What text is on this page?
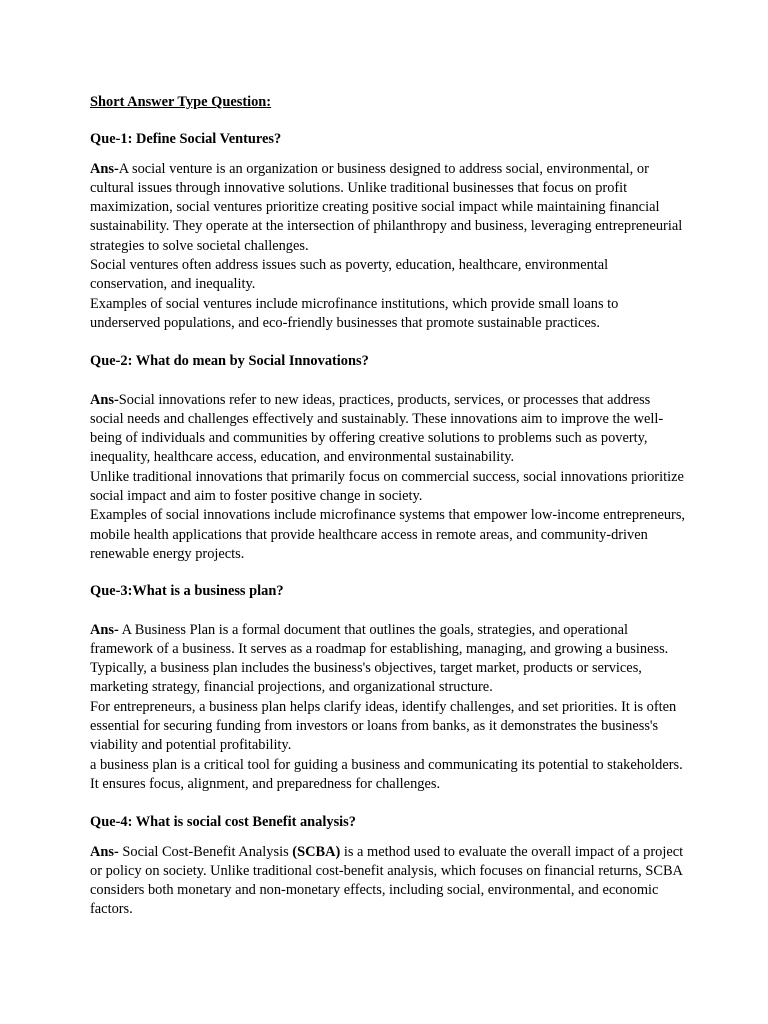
Short Answer Type Question:

Que-1: Define Social Ventures?

Ans-A social venture is an organization or business designed to address social, environmental, or cultural issues through innovative solutions. Unlike traditional businesses that focus on profit maximization, social ventures prioritize creating positive social impact while maintaining financial sustainability. They operate at the intersection of philanthropy and business, leveraging entrepreneurial strategies to solve societal challenges.

Social ventures often address issues such as poverty, education, healthcare, environmental conservation, and inequality.

Examples of social ventures include microfinance institutions, which provide small loans to underserved populations, and eco-friendly businesses that promote sustainable practices.

Que-2: What do mean by Social Innovations?

Ans-Social innovations refer to new ideas, practices, products, services, or processes that address social needs and challenges effectively and sustainably. These innovations aim to improve the well-being of individuals and communities by offering creative solutions to problems such as poverty, inequality, healthcare access, education, and environmental sustainability.

Unlike traditional innovations that primarily focus on commercial success, social innovations prioritize social impact and aim to foster positive change in society.

Examples of social innovations include microfinance systems that empower low-income entrepreneurs, mobile health applications that provide healthcare access in remote areas, and community-driven renewable energy projects.

Que-3:What is a business plan?

Ans- A Business Plan is a formal document that outlines the goals, strategies, and operational framework of a business. It serves as a roadmap for establishing, managing, and growing a business. Typically, a business plan includes the business's objectives, target market, products or services, marketing strategy, financial projections, and organizational structure.

For entrepreneurs, a business plan helps clarify ideas, identify challenges, and set priorities. It is often essential for securing funding from investors or loans from banks, as it demonstrates the business's viability and potential profitability.

a business plan is a critical tool for guiding a business and communicating its potential to stakeholders. It ensures focus, alignment, and preparedness for challenges.

Que-4: What is social cost Benefit analysis?

Ans- Social Cost-Benefit Analysis (SCBA) is a method used to evaluate the overall impact of a project or policy on society. Unlike traditional cost-benefit analysis, which focuses on financial returns, SCBA considers both monetary and non-monetary effects, including social, environmental, and economic factors.
